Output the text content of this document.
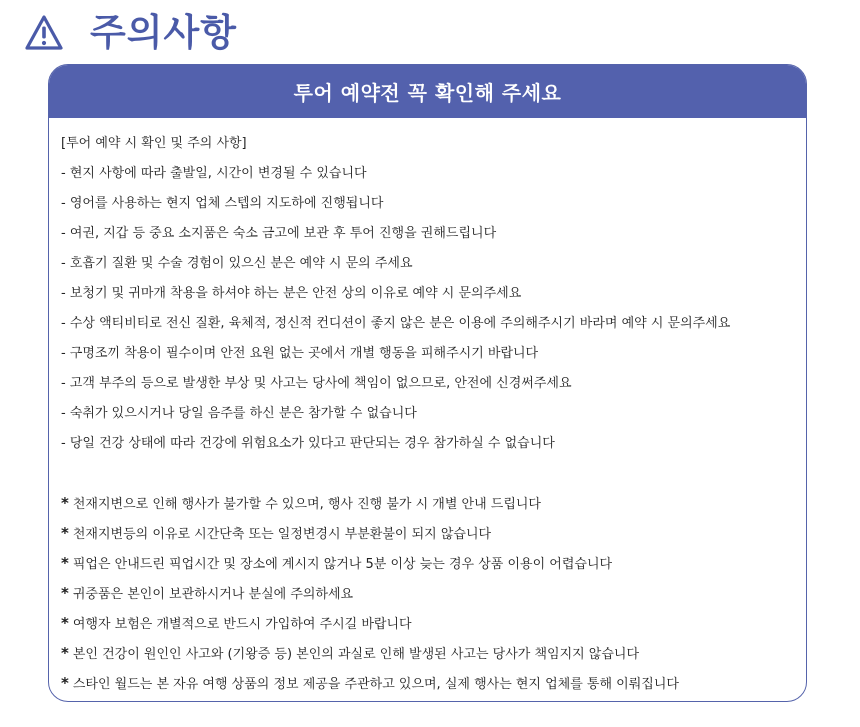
주의사항
투어 예약전 꼭 확인해 주세요
[투어 예약 시 확인 및 주의 사항]
- 현지 사항에 따라 출발일, 시간이 변경될 수 있습니다
- 영어를 사용하는 현지 업체 스텝의 지도하에 진행됩니다
- 여권, 지갑 등 중요 소지품은 숙소 금고에 보관 후 투어 진행을 권해드립니다
- 호흡기 질환 및 수술 경험이 있으신 분은 예약 시 문의 주세요
- 보청기 및 귀마개 착용을 하셔야 하는 분은 안전 상의 이유로 예약 시 문의주세요
- 수상 액티비티로 전신 질환, 육체적, 정신적 컨디션이 좋지 않은 분은 이용에 주의해주시기 바라며 예약 시 문의주세요
- 구명조끼 착용이 필수이며 안전 요원 없는 곳에서 개별 행동을 피해주시기 바랍니다
- 고객 부주의 등으로 발생한 부상 및 사고는 당사에 책임이 없으므로, 안전에 신경써주세요
- 숙취가 있으시거나 당일 음주를 하신 분은 참가할 수 없습니다
- 당일 건강 상태에 따라 건강에 위험요소가 있다고 판단되는 경우 참가하실 수 없습니다
* 천재지변으로 인해 행사가 불가할 수 있으며, 행사 진행 불가 시 개별 안내 드립니다
* 천재지변등의 이유로 시간단축 또는 일정변경시 부분환불이 되지 않습니다
* 픽업은 안내드린 픽업시간 및 장소에 계시지 않거나 5분 이상 늦는 경우 상품 이용이 어렵습니다
* 귀중품은 본인이 보관하시거나 분실에 주의하세요
* 여행자 보험은 개별적으로 반드시 가입하여 주시길 바랍니다
* 본인 건강이 원인인 사고와 (기왕증 등) 본인의 과실로 인해 발생된 사고는 당사가 책임지지 않습니다
* 스타인 월드는 본 자유 여행 상품의 정보 제공을 주관하고 있으며, 실제 행사는 현지 업체를 통해 이뤄집니다
